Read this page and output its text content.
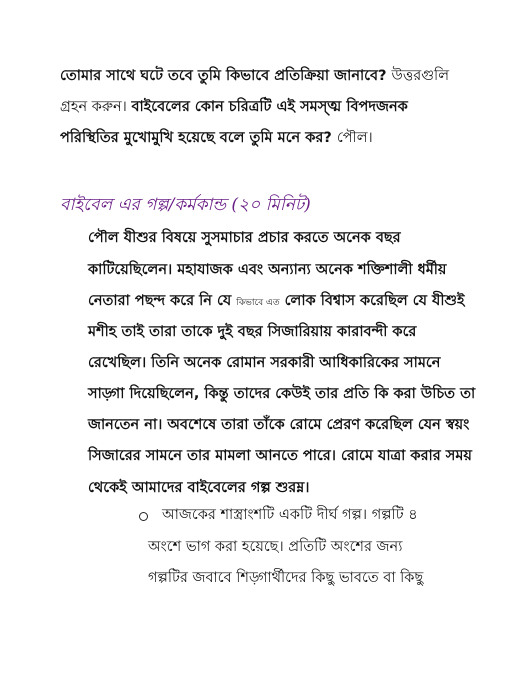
তোমার সাথে ঘটে তবে তুমি কিভাবে প্রতিক্রিয়া জানাবে? উত্তরগুলি
গ্রহন করুন। বাইবেলের কোন চরিত্রটি এই সমস্ত্ম বিপদজনক
পরিস্থিতির মুখোমুখি হয়েছে বলে তুমি মনে কর? পৌল।
বাইবেল এর গল্প/কর্মকান্ড (২০ মিনিট)
পৌল যীশুর বিষয়ে সুসমাচার প্রচার করতে অনেক বছর
কাটিয়েছিলেন। মহাযাজক এবং অন্যান্য অনেক শক্তিশালী ধর্মীয়
নেতারা পছন্দ করে নি যে কিভাবে এত লোক বিশ্বাস করেছিল যে যীশুই
মশীহ তাই তারা তাকে দুই বছর সিজারিয়ায় কারাবন্দী করে
রেখেছিল। তিনি অনেক রোমান সরকারী আধিকারিকের সামনে
সাড়্গা দিয়েছিলেন, কিন্তু তাদের কেউই তার প্রতি কি করা উচিত তা
জানতেন না। অবশেষে তারা তাঁকে রোমে প্রেরণ করেছিল যেন স্বয়ং
সিজারের সামনে তার মামলা আনতে পারে। রোমে যাত্রা করার সময়
থেকেই আমাদের বাইবেলের গল্প শুরম্ন।
আজকের শাস্ত্রাংশটি একটি দীর্ঘ গল্প। গল্পটি ৪
অংশে ভাগ করা হয়েছে। প্রতিটি অংশের জন্য
গল্পটির জবাবে শিড়্গার্থীদের কিছু ভাবতে বা কিছু
